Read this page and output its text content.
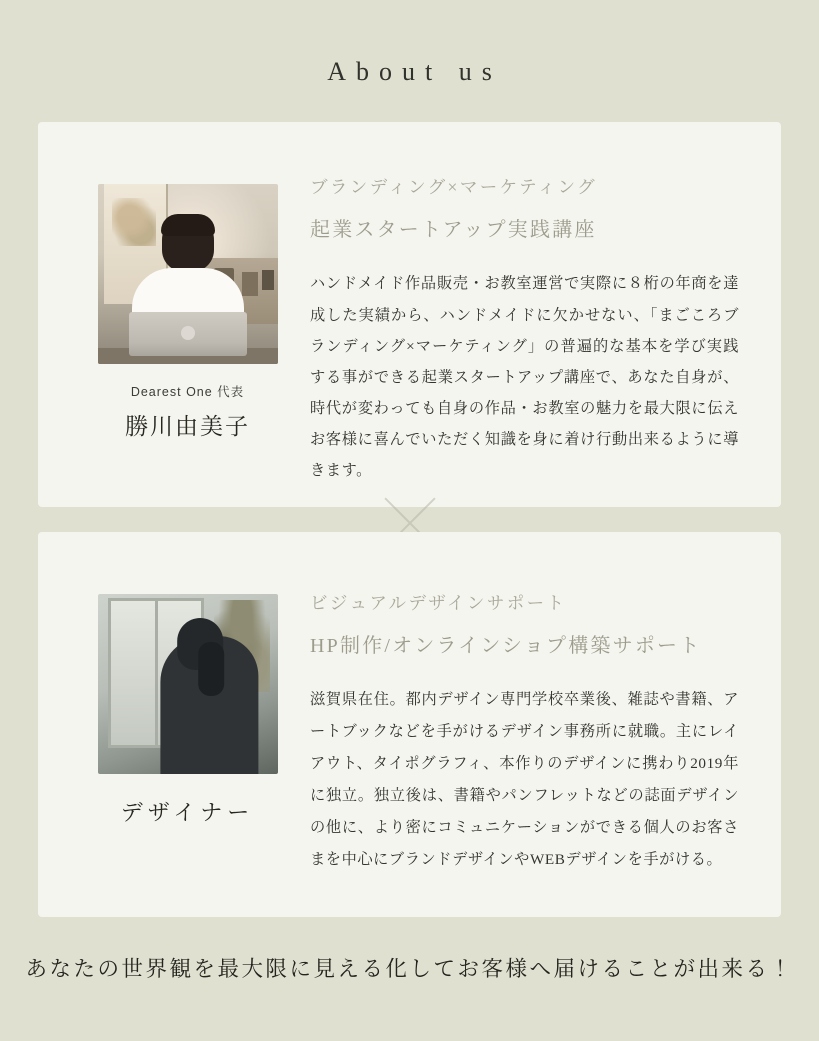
About us
Dearest One 代表
勝川由美子

ブランディング×マーケティング

起業スタートアップ実践講座

ハンドメイド作品販売・お教室運営で実際に８桁の年商を達成した実績から、ハンドメイドに欠かせない、「まごころブランディング×マーケティング」の普遍的な基本を学び実践する事ができる起業スタートアップ講座で、あなた自身が、時代が変わっても自身の作品・お教室の魅力を最大限に伝えお客様に喜んでいただく知識を身に着け行動出来るように導きます。

デザイナー

ビジュアルデザインサポート

HP制作/オンラインショプ構築サポート

滋賀県在住。都内デザイン専門学校卒業後、雑誌や書籍、アートブックなどを手がけるデザイン事務所に就職。主にレイアウト、タイポグラフィ、本作りのデザインに携わり2019年に独立。独立後は、書籍やパンフレットなどの誌面デザインの他に、より密にコミュニケーションができる個人のお客さまを中心にブランドデザインやWEBデザインを手がける。

あなたの世界観を最大限に見える化してお客様へ届けることが出来る！
